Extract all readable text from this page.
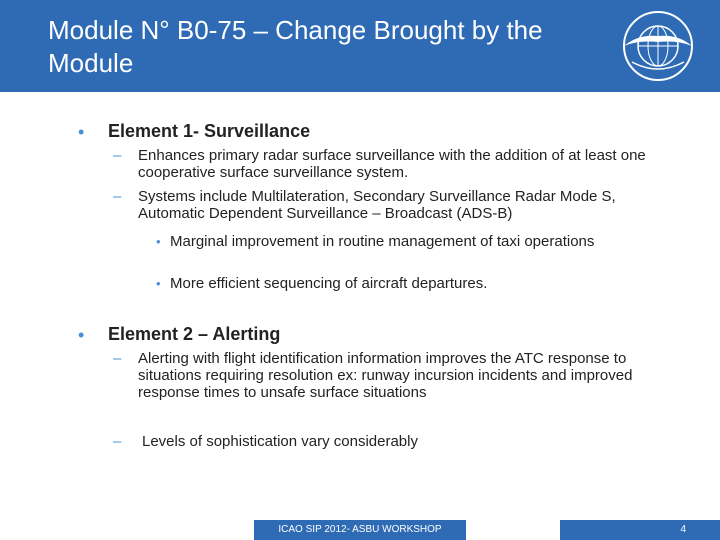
Module N° B0-75 – Change Brought by the Module
• Element 1- Surveillance
– Enhances primary radar surface surveillance with the addition of at least one cooperative surface surveillance system.
– Systems include Multilateration, Secondary Surveillance Radar Mode S, Automatic Dependent Surveillance – Broadcast (ADS-B)
• Marginal improvement in routine management of taxi operations
• More efficient sequencing of aircraft departures.
• Element 2 – Alerting
– Alerting with flight identification information improves the ATC response to situations requiring resolution ex: runway incursion incidents and improved response times to unsafe surface situations
– Levels of sophistication vary considerably
ICAO SIP 2012- ASBU WORKSHOP	4
